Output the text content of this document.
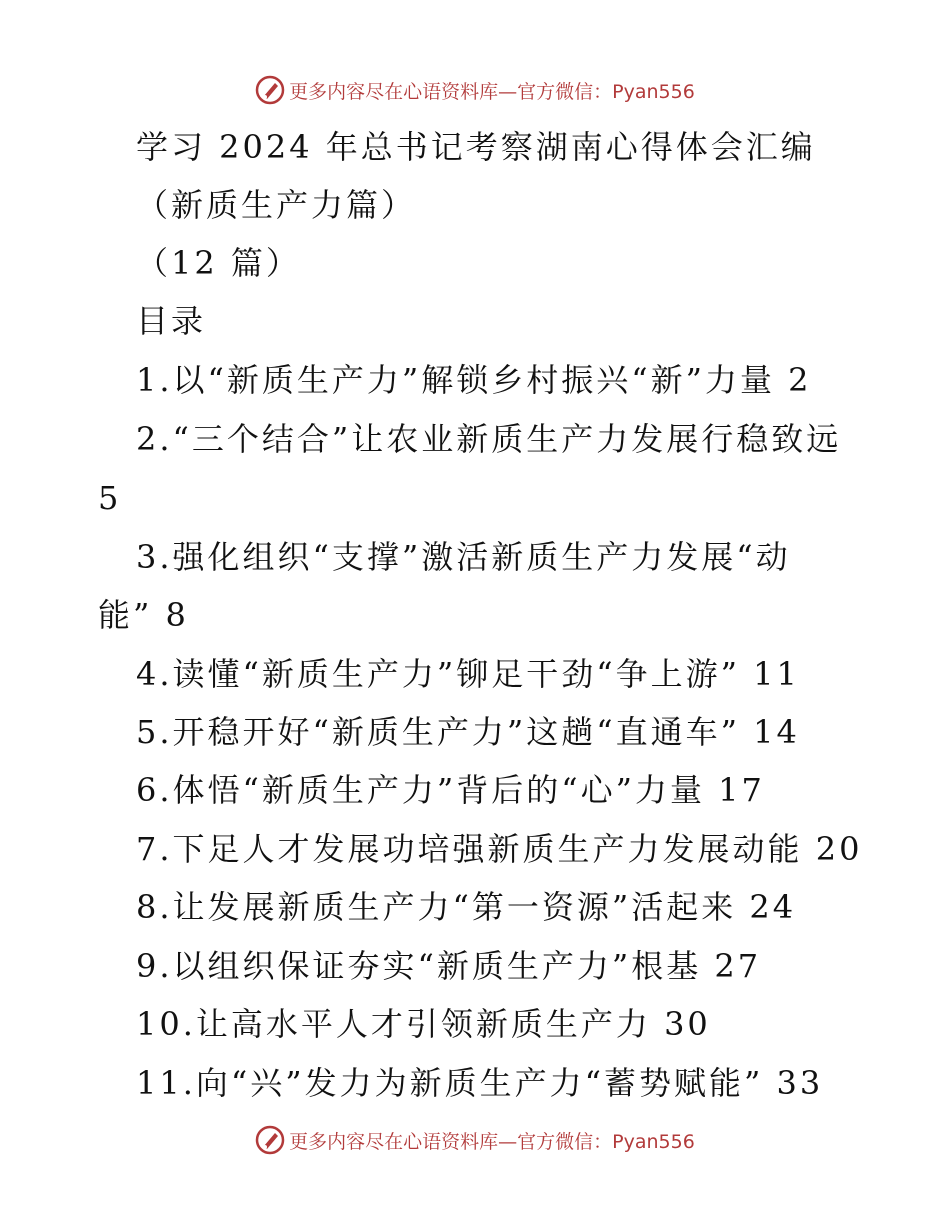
更多内容尽在心语资料库—官方微信：Pyan556
学习 2024 年总书记考察湖南心得体会汇编
（新质生产力篇）
（12 篇）
目录
1.以“新质生产力”解锁乡村振兴“新”力量 2
2.“三个结合”让农业新质生产力发展行稳致远
5
3.强化组织“支撑”激活新质生产力发展“动
能” 8
4.读懂“新质生产力”铆足干劲“争上游” 11
5.开稳开好“新质生产力”这趟“直通车” 14
6.体悟“新质生产力”背后的“心”力量 17
7.下足人才发展功培强新质生产力发展动能 20
8.让发展新质生产力“第一资源”活起来 24
9.以组织保证夯实“新质生产力”根基 27
10.让高水平人才引领新质生产力 30
11.向“兴”发力为新质生产力“蓄势赋能” 33
更多内容尽在心语资料库—官方微信：Pyan556
